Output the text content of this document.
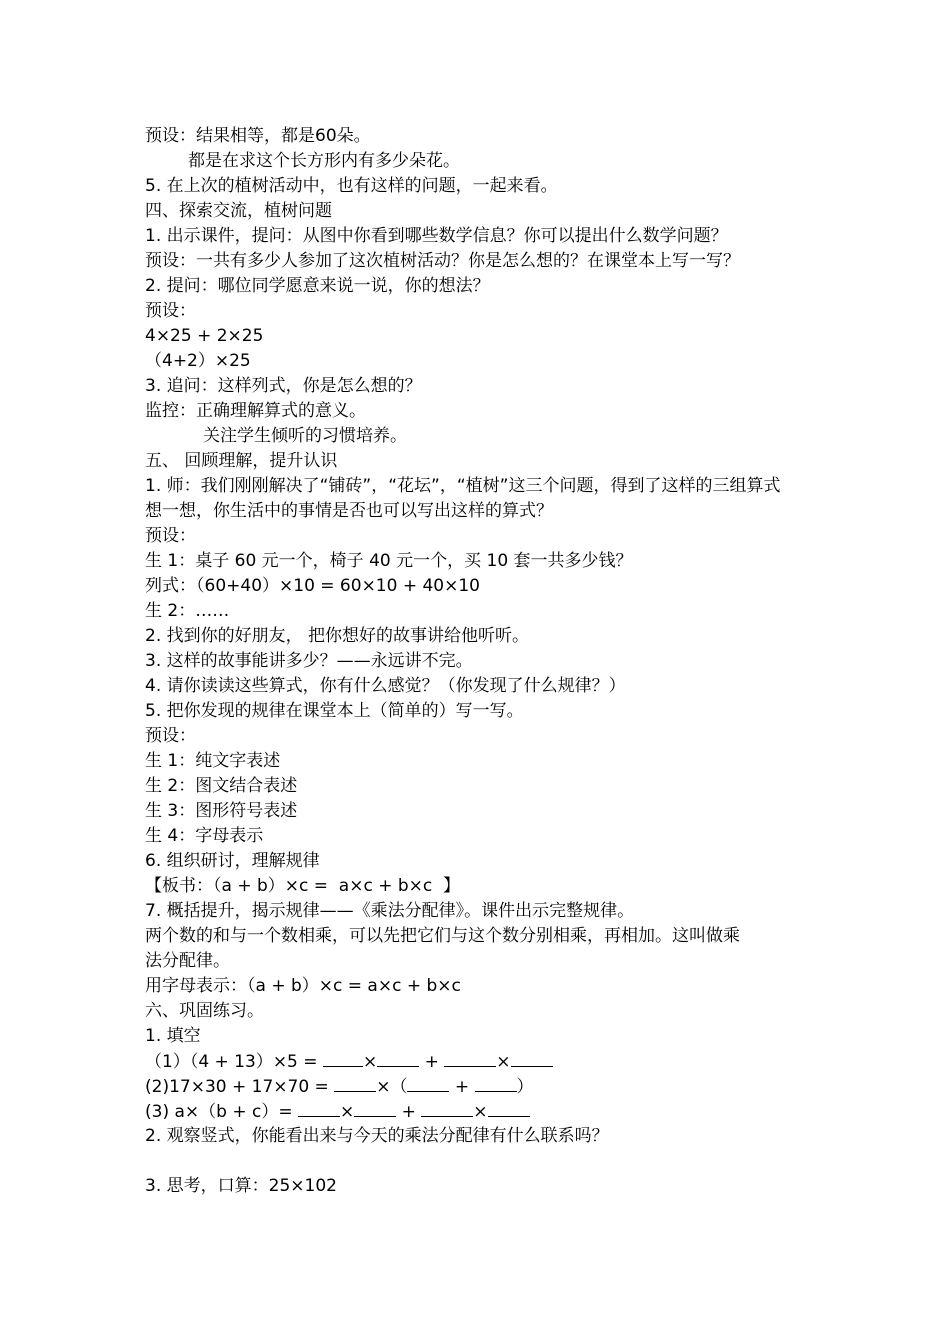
预设：结果相等，都是60朵。
都是在求这个长方形内有多少朵花。
5. 在上次的植树活动中，也有这样的问题，一起来看。
四、探索交流，植树问题
1. 出示课件，提问：从图中你看到哪些数学信息？你可以提出什么数学问题？
预设：一共有多少人参加了这次植树活动？你是怎么想的？在课堂本上写一写？
2. 提问：哪位同学愿意来说一说，你的想法？
预设：
4×25 + 2×25
（4+2）×25
3. 追问：这样列式，你是怎么想的？
监控：正确理解算式的意义。
关注学生倾听的习惯培养。
五、 回顾理解，提升认识
1. 师：我们刚刚解决了“铺砖”，“花坛”，“植树”这三个问题，得到了这样的三组算式
想一想，你生活中的事情是否也可以写出这样的算式？
预设：
生 1：桌子 60 元一个，椅子 40 元一个，买 10 套一共多少钱？
列式：（60+40）×10 = 60×10 + 40×10
生 2：……
2. 找到你的好朋友， 把你想好的故事讲给他听听。
3. 这样的故事能讲多少？——永远讲不完。
4. 请你读读这些算式，你有什么感觉？（你发现了什么规律？）
5. 把你发现的规律在课堂本上（简单的）写一写。
预设：
生 1：纯文字表述
生 2：图文结合表述
生 3：图形符号表述
生 4：字母表示
6. 组织研讨，理解规律
【板书：（a + b）×c =  a×c + b×c  】
7. 概括提升，揭示规律——《乘法分配律》。课件出示完整规律。
两个数的和与一个数相乘，可以先把它们与这个数分别相乘，再相加。这叫做乘
法分配律。
用字母表示：（a + b）×c = a×c + b×c
六、巩固练习。
1. 填空
（1）（4 + 13）×5 = × +	×
(2)17×30 + 17×70 = ×（ + ）
(3) a×（b + c）= × +	×
2. 观察竖式，你能看出来与今天的乘法分配律有什么联系吗？
3. 思考，口算：25×102
